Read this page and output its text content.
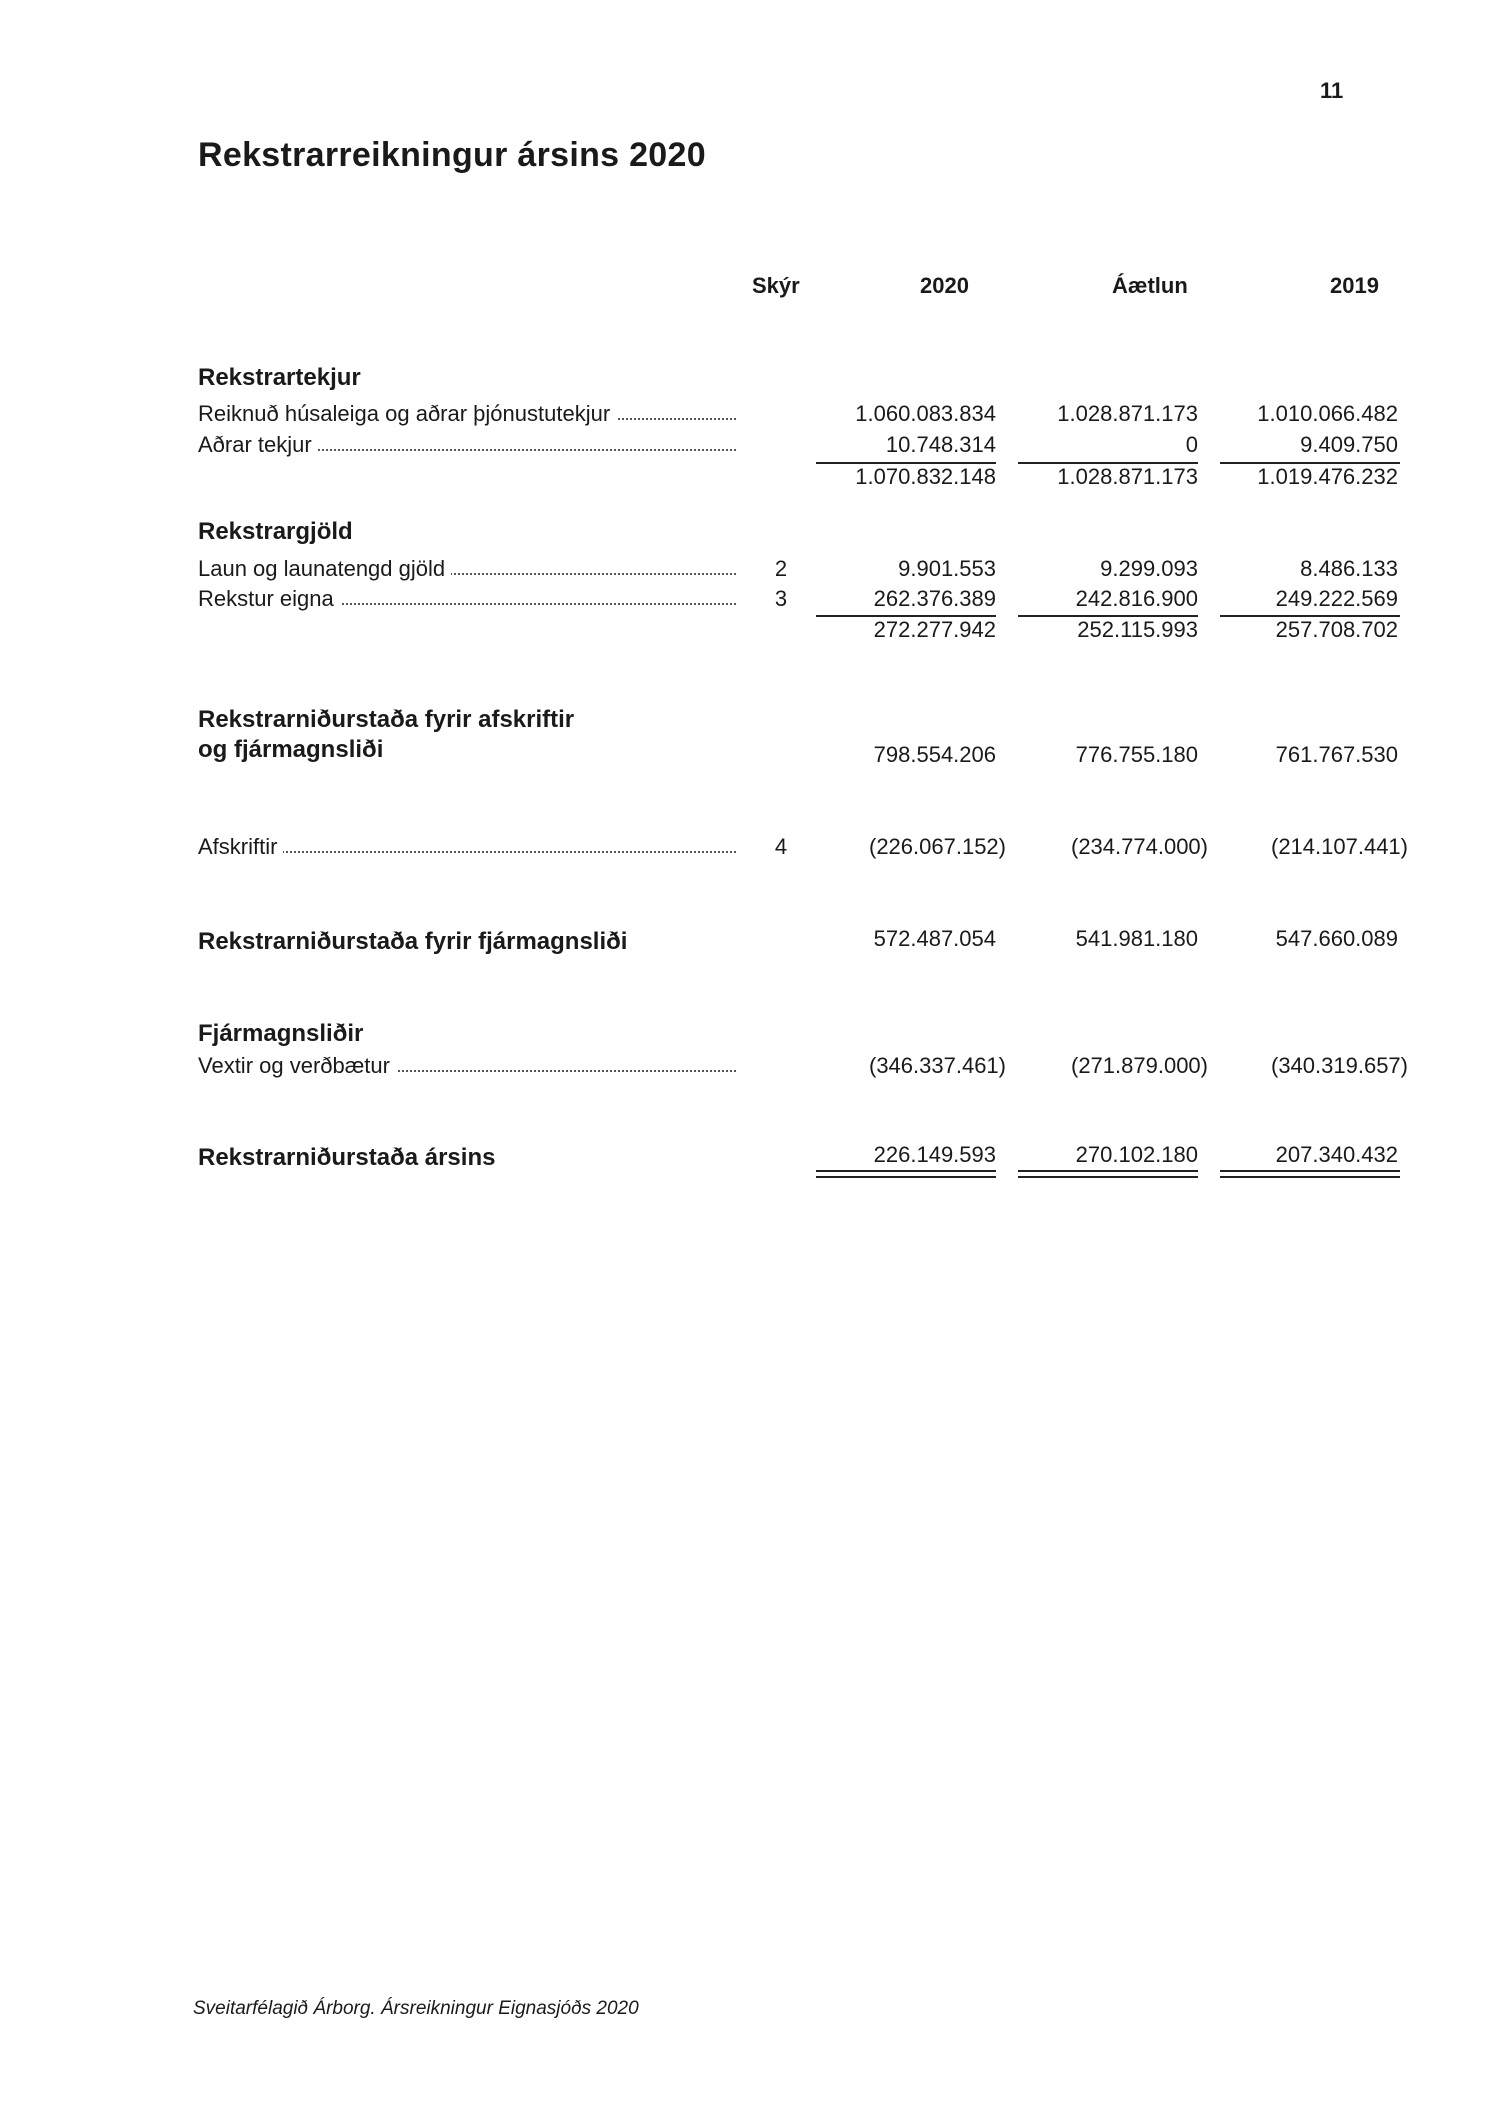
11
Rekstrarreikningur ársins 2020
Skýr	2020	Áætlun	2019
Rekstrartekjur
Reiknuð húsaleiga og aðrar þjónustutekjur	1.060.083.834	1.028.871.173	1.010.066.482
Aðrar tekjur	10.748.314	0	9.409.750
1.070.832.148	1.028.871.173	1.019.476.232
Rekstrargjöld
Laun og launatengd gjöld	2	9.901.553	9.299.093	8.486.133
Rekstur eigna	3	262.376.389	242.816.900	249.222.569
272.277.942	252.115.993	257.708.702
Rekstrarniðurstaða fyrir afskriftir
og fjármagnsliði	798.554.206	776.755.180	761.767.530
Afskriftir	4	(226.067.152)	(234.774.000)	(214.107.441)
Rekstrarniðurstaða fyrir fjármagnsliði	572.487.054	541.981.180	547.660.089
Fjármagnsliðir
Vextir og verðbætur	(346.337.461)	(271.879.000)	(340.319.657)
Rekstrarniðurstaða ársins	226.149.593	270.102.180	207.340.432
Sveitarfélagið Árborg. Ársreikningur Eignasjóðs 2020
